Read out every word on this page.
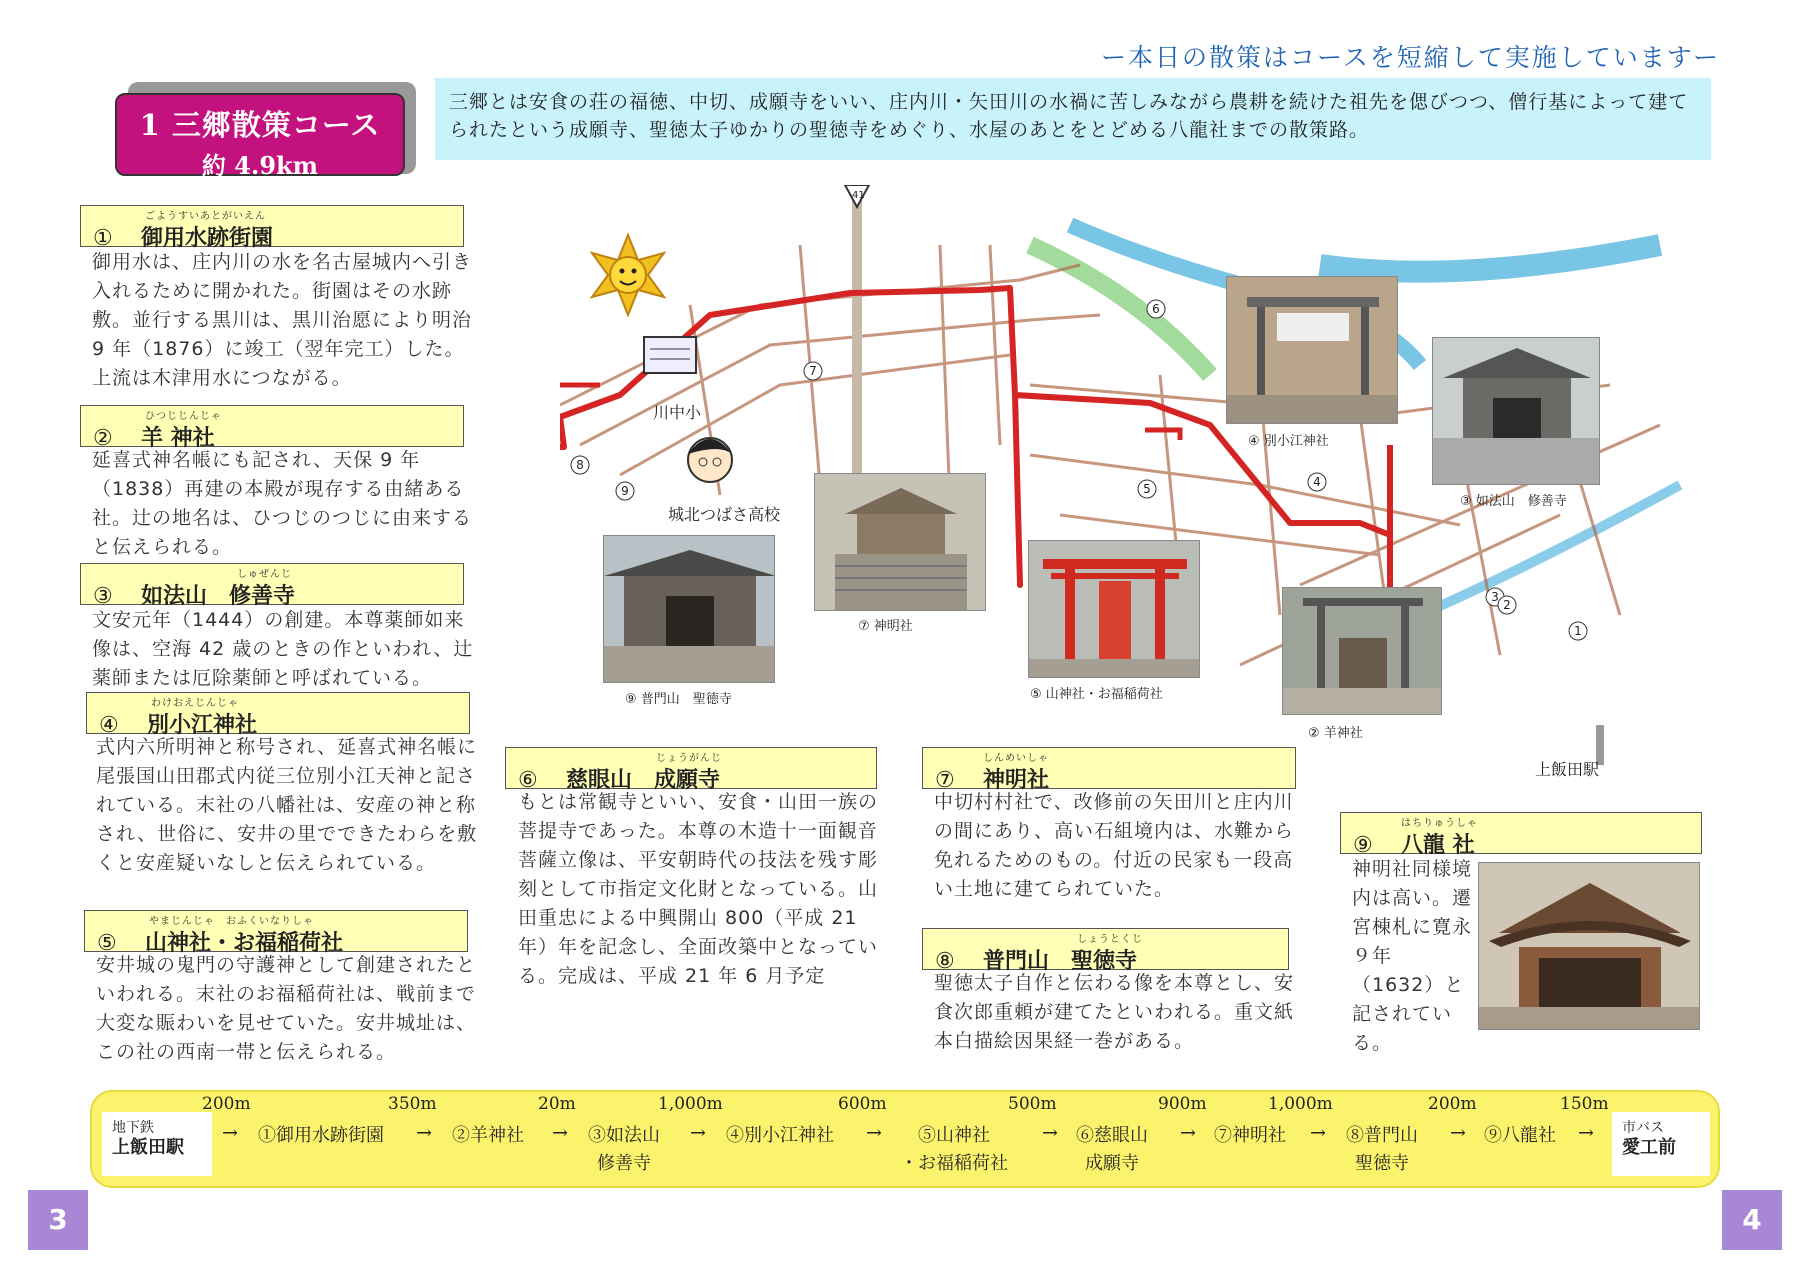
ー本日の散策はコースを短縮して実施していますー
1 三郷散策コース
約 4.9km
三郷とは安食の荘の福徳、中切、成願寺をいい、庄内川・矢田川の水禍に苦しみながら農耕を続けた祖先を偲びつつ、僧行基によって建てられたという成願寺、聖徳太子ゆかりの聖徳寺をめぐり、水屋のあとをとどめる八龍社までの散策路。
ごようすいあとがいえん
① 御用水跡街園
御用水は、庄内川の水を名古屋城内へ引き入れるために開かれた。街園はその水跡敷。並行する黒川は、黒川治愿により明治 9 年（1876）に竣工（翌年完工）した。上流は木津用水につながる。
ひつじじんじゃ
② 羊 神社
延喜式神名帳にも記され、天保 9 年（1838）再建の本殿が現存する由緒ある社。辻の地名は、ひつじのつじに由来すると伝えられる。
しゅぜんじ
③ 如法山　修善寺
文安元年（1444）の創建。本尊薬師如来像は、空海 42 歳のときの作といわれ、辻薬師または厄除薬師と呼ばれている。
わけおえじんじゃ
④ 別小江神社
式内六所明神と称号され、延喜式神名帳に尾張国山田郡式内従三位別小江天神と記されている。末社の八幡社は、安産の神と称され、世俗に、安井の里でできたわらを敷くと安産疑いなしと伝えられている。
やまじんじゃ　おふくいなりしゃ
⑤ 山神社・お福稲荷社
安井城の鬼門の守護神として創建されたといわれる。末社のお福稲荷社は、戦前まで大変な賑わいを見せていた。安井城址は、この社の西南一帯と伝えられる。
じょうがんじ
⑥ 慈眼山　成願寺
もとは常観寺といい、安食・山田一族の菩提寺であった。本尊の木造十一面観音菩薩立像は、平安朝時代の技法を残す彫刻として市指定文化財となっている。山田重忠による中興開山 800（平成 21 年）年を記念し、全面改築中となっている。完成は、平成 21 年 6 月予定
しんめいしゃ
⑦ 神明社
中切村村社で、改修前の矢田川と庄内川の間にあり、高い石組境内は、水難から免れるためのもの。付近の民家も一段高い土地に建てられていた。
しょうとくじ
⑧ 普門山　聖徳寺
聖徳太子自作と伝わる像を本尊とし、安食次郎重頼が建てたといわれる。重文紙本白描絵因果経一巻がある。
はちりゅうしゃ
⑨ 八龍 社
神明社同様境内は高い。遷宮棟札に寛永９年（1632）と記されている。
8
9
7
6
5	4
3
2
1
41
川中小
城北つばさ高校
上飯田駅
④ 別小江神社
③ 如法山　修善寺
⑦ 神明社
⑨ 普門山　聖徳寺	⑤ 山神社・お福稲荷社
② 羊神社
地下鉄
上飯田駅
市バス
愛工前
200m	350m	20m	1,000m	600m	500m	900m	1,000m	200m	150m
→ ①御用水跡街園 → ②羊神社 → ③如法山
修善寺
→ ④別小江神社 →	⑤山神社
・お福稲荷社
→ ⑥慈眼山
成願寺
→ ⑦神明社 → ⑧普門山
聖徳寺
→ ⑨八龍社 →
3	4
